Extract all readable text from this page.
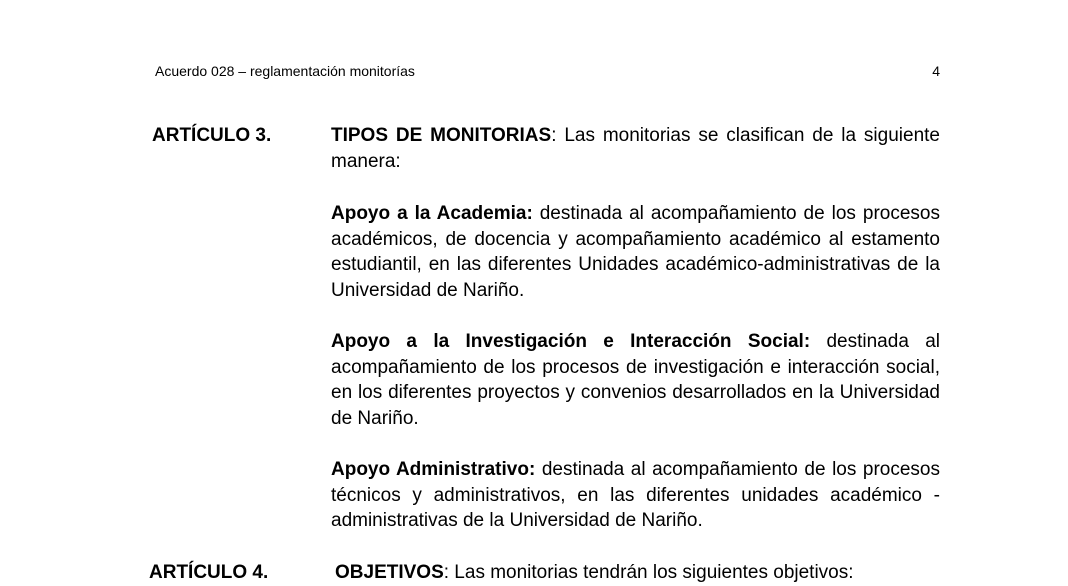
Acuerdo 028 – reglamentación monitorías	4
ARTÍCULO 3.	TIPOS DE MONITORIAS: Las monitorias se clasifican de la siguiente manera:
Apoyo a la Academia: destinada al acompañamiento de los procesos académicos, de docencia y acompañamiento académico al estamento estudiantil, en las diferentes Unidades académico-administrativas de la Universidad de Nariño.
Apoyo a la Investigación e Interacción Social: destinada al acompañamiento de los procesos de investigación e interacción social, en los diferentes proyectos y convenios desarrollados en la Universidad de Nariño.
Apoyo Administrativo: destinada al acompañamiento de los procesos técnicos y administrativos, en las diferentes unidades académico -administrativas de la Universidad de Nariño.
ARTÍCULO 4.	OBJETIVOS: Las monitorias tendrán los siguientes objetivos:
